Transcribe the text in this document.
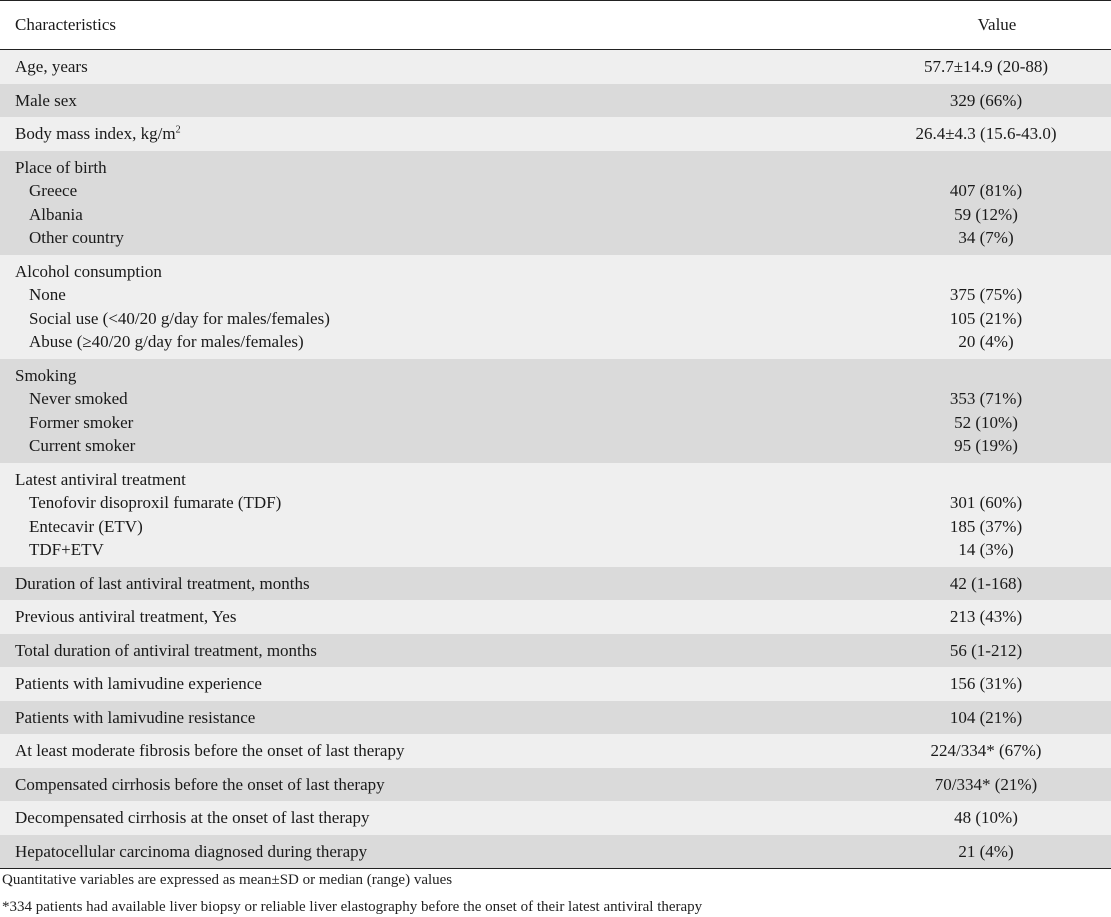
Characteristics	Value
Age, years	57.7±14.9 (20-88)
Male sex	329 (66%)
Body mass index, $kg/m^2$	26.4±4.3 (15.6-43.0)
Place of birth
Greece	407 (81%)
Albania	59 (12%)
Other country	34 (7%)
Alcohol consumption
None	375 (75%)
Social use (<40/20 g/day for males/females)	105 (21%)
Abuse (≥40/20 g/day for males/females)	20 (4%)
Smoking
Never smoked	353 (71%)
Former smoker	52 (10%)
Current smoker	95 (19%)
Latest antiviral treatment
Tenofovir disoproxil fumarate (TDF)	301 (60%)
Entecavir (ETV)	185 (37%)
TDF+ETV	14 (3%)
Duration of last antiviral treatment, months	42 (1-168)
Previous antiviral treatment, Yes	213 (43%)
Total duration of antiviral treatment, months	56 (1-212)
Patients with lamivudine experience	156 (31%)
Patients with lamivudine resistance	104 (21%)
At least moderate fibrosis before the onset of last therapy	224/334* (67%)
Compensated cirrhosis before the onset of last therapy	70/334* (21%)
Decompensated cirrhosis at the onset of last therapy	48 (10%)
Hepatocellular carcinoma diagnosed during therapy	21 (4%)
Quantitative variables are expressed as mean±SD or median (range) values
*334 patients had available liver biopsy or reliable liver elastography before the onset of their latest antiviral therapy
